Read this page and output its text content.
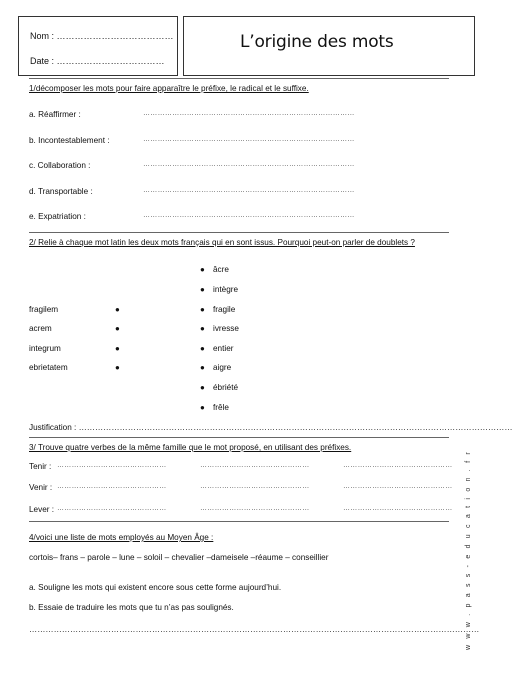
Nom : …………………………………
Date : ………………………………
L’origine des mots
1/décomposer les mots pour faire apparaître le préfixe, le radical et le suffixe.
a. Réaffirmer :	……………………………………………………………………………
b. Incontestablement :	……………………………………………………………………………
c. Collaboration :	……………………………………………………………………………
d. Transportable :	……………………………………………………………………………
e. Expatriation :	……………………………………………………………………………
2/ Relie à chaque mot latin les deux mots français qui en sont issus. Pourquoi peut-on parler de doublets ?
fragilem	●
acrem	●
integrum	●
ebrietatem	●
● âcre
● intègre
● fragile
● ivresse
● entier
● aigre
● ébriété
● frêle
Justification : ……………………………………………………………………………………………………………………………………………
3/ Trouve quatre verbes de la même famille que le mot proposé, en utilisant des préfixes.
Tenir : ………………………………………	………………………………………	………………………………………
Venir : ………………………………………	………………………………………	………………………………………
Lever : ………………………………………	………………………………………	………………………………………
4/voici une liste de mots employés au Moyen Âge :
cortois– frans – parole – lune – soloil – chevalier –dameisele –réaume – conseillier
a. Souligne les mots qui existent encore sous cette forme aujourd’hui.
b. Essaie de traduire les mots que tu n’as pas soulignés.
…………………………………………………………………………………………………………………………………………………
w w w . p a s s - e d u c a t i o n . f r
